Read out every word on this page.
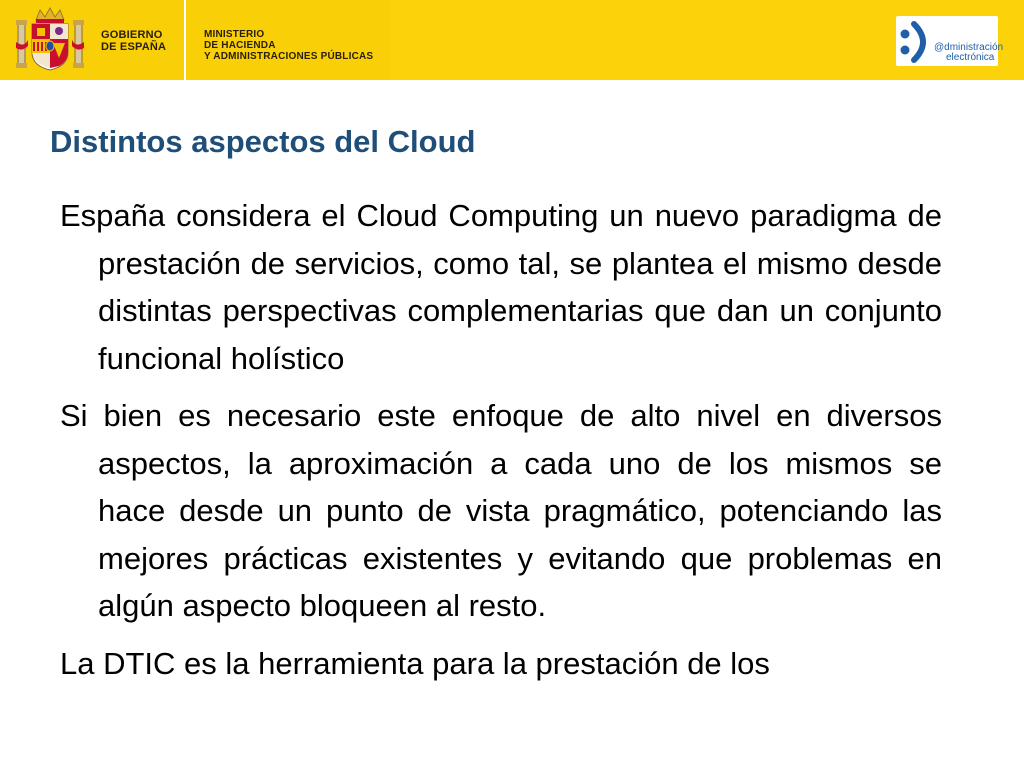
GOBIERNO
DE ESPAÑA
MINISTERIO
DE HACIENDA
Y ADMINISTRACIONES PÚBLICAS
@dministración
electrónica
Distintos aspectos del Cloud

España considera el Cloud Computing un nuevo paradigma de prestación de servicios, como tal, se plantea el mismo desde distintas perspectivas complementarias que dan un conjunto funcional holístico

Si bien es necesario este enfoque de alto nivel en diversos aspectos, la aproximación a cada uno de los mismos se hace desde un punto de vista pragmático, potenciando las mejores prácticas existentes y evitando que problemas en algún aspecto bloqueen al resto.

La DTIC es la herramienta para la prestación de los
